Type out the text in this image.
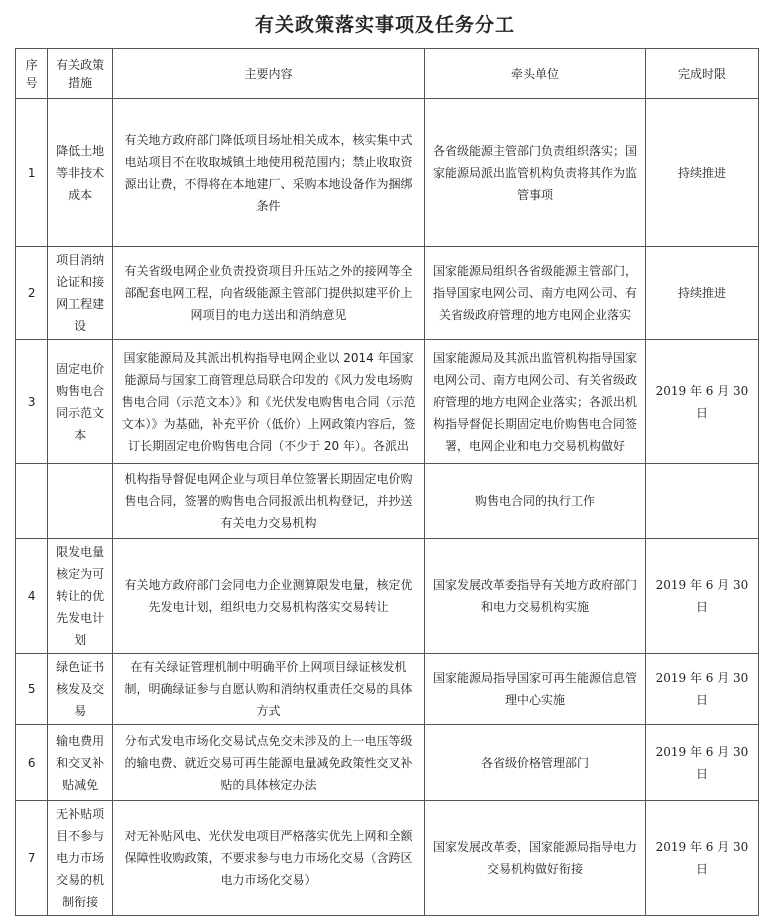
有关政策落实事项及任务分工
序号	有关政策措施	主要内容	牵头单位	完成时限
1	降低土地等非技术成本	有关地方政府部门降低项目场址相关成本，核实集中式电站项目不在收取城镇土地使用税范围内；禁止收取资源出让费，不得将在本地建厂、采购本地设备作为捆绑条件	各省级能源主管部门负责组织落实；国家能源局派出监管机构负责将其作为监管事项	持续推进
2	项目消纳论证和接网工程建设	有关省级电网企业负责投资项目升压站之外的接网等全部配套电网工程，向省级能源主管部门提供拟建平价上网项目的电力送出和消纳意见	国家能源局组织各省级能源主管部门，指导国家电网公司、南方电网公司、有关省级政府管理的地方电网企业落实	持续推进
3	固定电价购售电合同示范文本	国家能源局及其派出机构指导电网企业以 2014 年国家能源局与国家工商管理总局联合印发的《风力发电场购售电合同（示范文本）》和《光伏发电购售电合同（示范文本）》为基础，补充平价（低价）上网政策内容后，签订长期固定电价购售电合同（不少于 20 年）。各派出	国家能源局及其派出监管机构指导国家电网公司、南方电网公司、有关省级政府管理的地方电网企业落实；各派出机构指导督促长期固定电价购售电合同签署，电网企业和电力交易机构做好	2019 年 6 月 30 日
		机构指导督促电网企业与项目单位签署长期固定电价购售电合同，签署的购售电合同报派出机构登记，并抄送有关电力交易机构	购售电合同的执行工作	
4	限发电量核定为可转让的优先发电计划	有关地方政府部门会同电力企业测算限发电量，核定优先发电计划，组织电力交易机构落实交易转让	国家发展改革委指导有关地方政府部门和电力交易机构实施	2019 年 6 月 30 日
5	绿色证书核发及交易	在有关绿证管理机制中明确平价上网项目绿证核发机制，明确绿证参与自愿认购和消纳权重责任交易的具体方式	国家能源局指导国家可再生能源信息管理中心实施	2019 年 6 月 30 日
6	输电费用和交叉补贴减免	分布式发电市场化交易试点免交未涉及的上一电压等级的输电费、就近交易可再生能源电量减免政策性交叉补贴的具体核定办法	各省级价格管理部门	2019 年 6 月 30 日
7	无补贴项目不参与电力市场交易的机制衔接	对无补贴风电、光伏发电项目严格落实优先上网和全额保障性收购政策，不要求参与电力市场化交易（含跨区电力市场化交易）	国家发展改革委，国家能源局指导电力交易机构做好衔接	2019 年 6 月 30 日
